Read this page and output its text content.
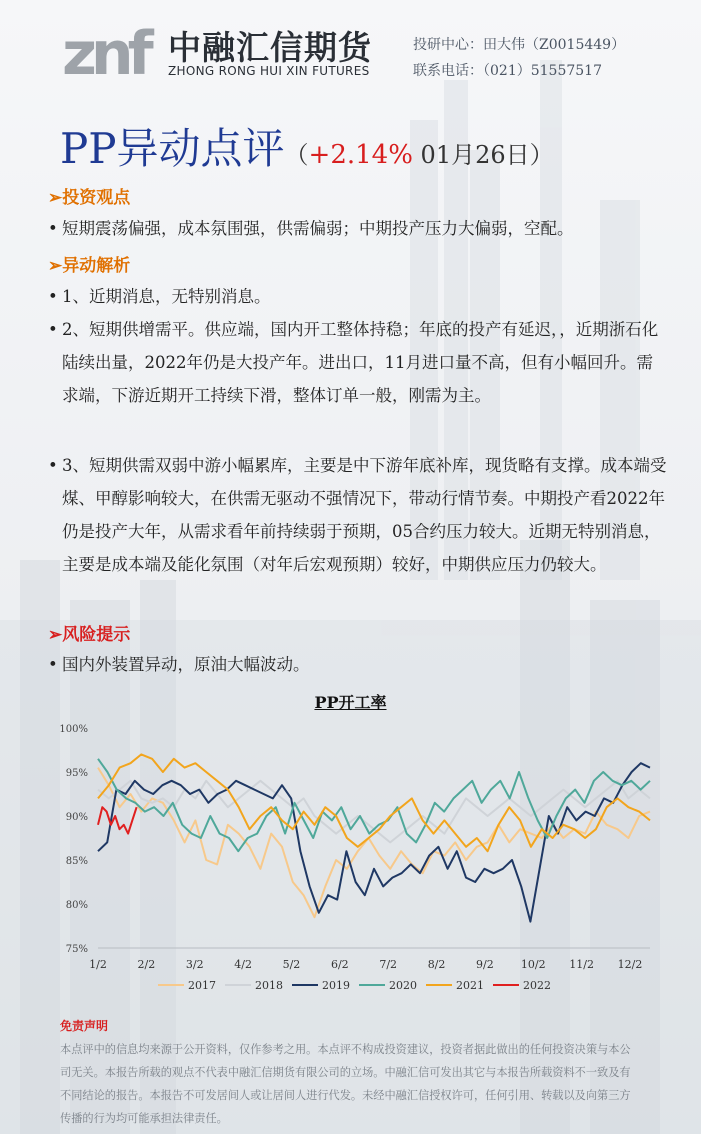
znf 中融汇信期货
ZHONG RONG HUI XIN FUTURES
投研中心：田大伟（Z0015449）
联系电话：（021）51557517
PP异动点评（+2.14% 01月26日）
➢投资观点
• 短期震荡偏强，成本氛围强，供需偏弱；中期投产压力大偏弱，空配。
➢异动解析
• 1、近期消息，无特别消息。
• 2、短期供增需平。供应端，国内开工整体持稳；年底的投产有延迟，，近期浙石化陆续出量，2022年仍是大投产年。进出口，11月进口量不高，但有小幅回升。需求端，下游近期开工持续下滑，整体订单一般，刚需为主。
• 3、短期供需双弱中游小幅累库，主要是中下游年底补库，现货略有支撑。成本端受煤、甲醇影响较大，在供需无驱动不强情况下，带动行情节奏。中期投产看2022年仍是投产大年，从需求看年前持续弱于预期，05合约压力较大。近期无特别消息，主要是成本端及能化氛围（对年后宏观预期）较好，中期供应压力仍较大。
➢风险提示
• 国内外装置异动，原油大幅波动。
PP开工率
100%
95%
90%
85%
80%
75%
1/2	2/2	3/2	4/2	5/2	6/2	7/2	8/2	9/2 10/2 11/2 12/2
2017	2018	2019	2020	2021	2022
免责声明
本点评中的信息均来源于公开资料，仅作参考之用。本点评不构成投资建议，投资者据此做出的任何投资决策与本公司无关。本报告所载的观点不代表中融汇信期货有限公司的立场。中融汇信可发出其它与本报告所载资料不一致及有不同结论的报告。本报告不可发居间人或让居间人进行代发。未经中融汇信授权许可，任何引用、转载以及向第三方传播的行为均可能承担法律责任。
